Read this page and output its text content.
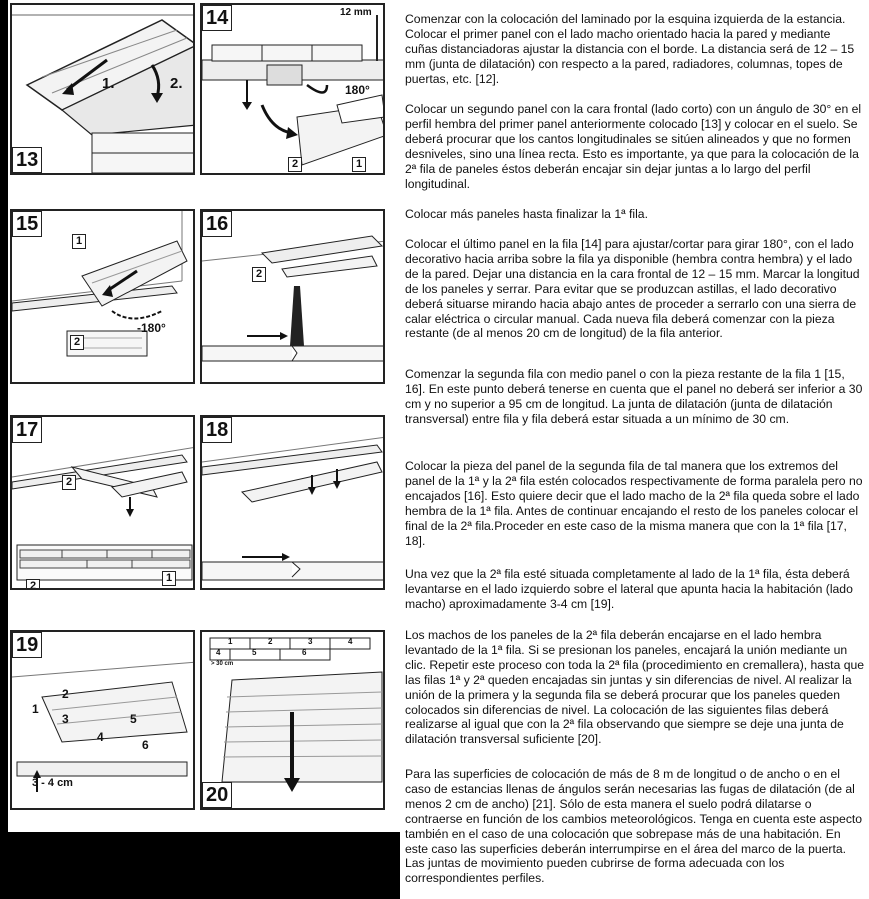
1.	2.
13
12 mm
180°
2	1
14
1
2
-180°
15
2
16
2
2
1
17	18
1
2
3
4
5
6
3 - 4 cm
19	1	2	3	4
4	5	6
> 30 cm
20

Comenzar con la colocación del laminado por la esquina izquierda de la estancia. Colocar el primer panel con el lado macho orientado hacia la pared y mediante cuñas distanciadoras ajustar la distancia con el borde. La distancia será de 12 – 15 mm (junta de dilatación) con respecto a la pared, radiadores, columnas, topes de puertas, etc. [12].

Colocar un segundo panel con la cara frontal (lado corto) con un ángulo de 30° en el perfil hembra del primer panel anteriormente colocado [13] y colocar en el suelo. Se deberá procurar que los cantos longitudinales se sitúen alineados y que no formen desniveles, sino una línea recta. Esto es importante, ya que para la colocación de la 2ª fila de paneles éstos deberán encajar sin dejar juntas a lo largo del perfil longitudinal.

Colocar más paneles hasta finalizar la 1ª fila.

Colocar el último panel en la fila [14] para ajustar/cortar para girar 180°, con el lado decorativo hacia arriba sobre la fila ya disponible (hembra contra hembra) y el lado de la pared. Dejar una distancia en la cara frontal de 12 – 15 mm. Marcar la longitud de los paneles y serrar. Para evitar que se produzcan astillas, el lado decorativo deberá situarse mirando hacia abajo antes de proceder a serrarlo con una sierra de calar eléctrica o circular manual. Cada nueva fila deberá comenzar con la pieza restante (de al menos 20 cm de longitud) de la fila anterior.

Comenzar la segunda fila con medio panel o con la pieza restante de la fila 1 [15, 16]. En este punto deberá tenerse en cuenta que el panel no deberá ser inferior a 30 cm y no superior a 95 cm de longitud. La junta de dilatación (junta de dilatación transversal) entre fila y fila deberá estar situada a un mínimo de 30 cm.

Colocar la pieza del panel de la segunda fila de tal manera que los extremos del panel de la 1ª y la 2ª fila estén colocados respectivamente de forma paralela pero no encajados [16]. Esto quiere decir que el lado macho de la 2ª fila queda sobre el lado hembra de la 1ª fila. Antes de continuar encajando el resto de los paneles colocar el final de la 2ª fila.Proceder en este caso de la misma manera que con la 1ª fila [17, 18].

Una vez que la 2ª fila esté situada completamente al lado de la 1ª fila, ésta deberá levantarse en el lado izquierdo sobre el lateral que apunta hacia la habitación (lado macho) aproximadamente 3-4 cm [19].

Los machos de los paneles de la 2ª fila deberán encajarse en el lado hembra levantado de la 1ª fila. Si se presionan los paneles, encajará la unión mediante un clic. Repetir este proceso con toda la 2ª fila (procedimiento en cremallera), hasta que las filas 1ª y 2ª queden encajadas sin juntas y sin diferencias de nivel. Al realizar la unión de la primera y la segunda fila se deberá procurar que los paneles queden colocados sin diferencias de nivel. La colocación de las siguientes filas deberá realizarse al igual que con la 2ª fila observando que siempre se deje una junta de dilatación transversal suficiente [20].

Para las superficies de colocación de más de 8 m de longitud o de ancho o en el caso de estancias llenas de ángulos serán necesarias las fugas de dilatación (de al menos 2 cm de ancho) [21]. Sólo de esta manera el suelo podrá dilatarse o contraerse en función de los cambios meteorológicos. Tenga en cuenta este aspecto también en el caso de una colocación que sobrepase más de una habitación. En este caso las superficies deberán interrumpirse en el área del marco de la puerta. Las juntas de movimiento pueden cubrirse de forma adecuada con los correspondientes perfiles.
